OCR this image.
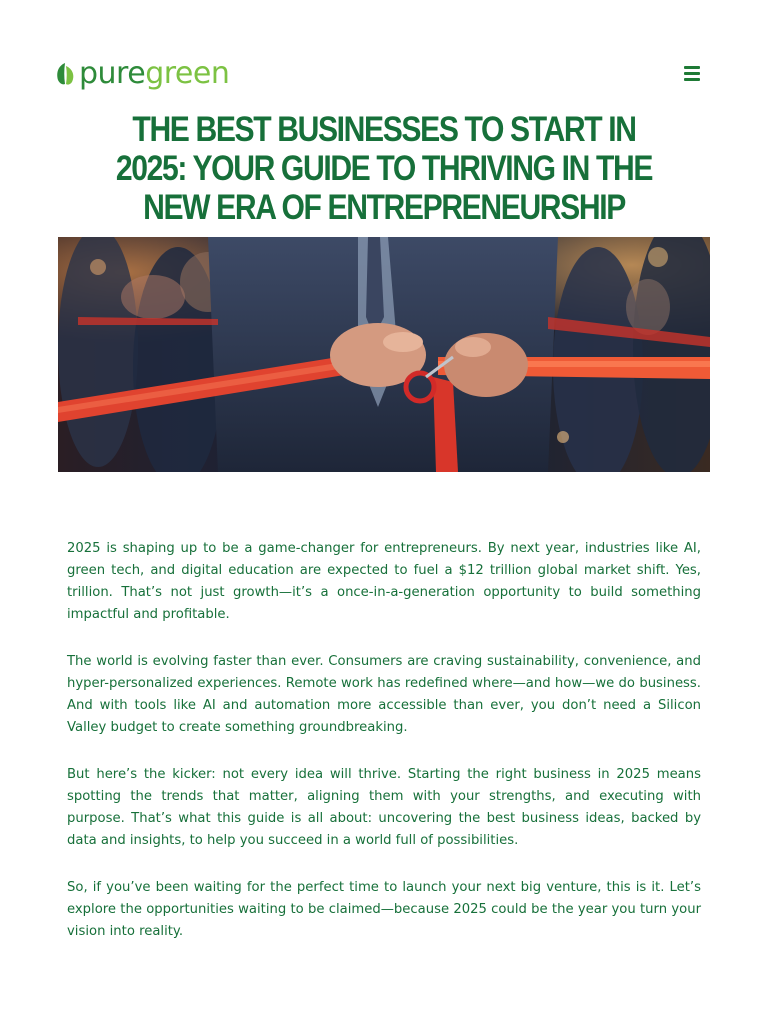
puregreen
THE BEST BUSINESSES TO START IN 2025: YOUR GUIDE TO THRIVING IN THE NEW ERA OF ENTREPRENEURSHIP

2025 is shaping up to be a game-changer for entrepreneurs. By next year, industries like AI, green tech, and digital education are expected to fuel a $12 trillion global market shift. Yes, trillion. That’s not just growth—it’s a once-in-a-generation opportunity to build something impactful and profitable.

The world is evolving faster than ever. Consumers are craving sustainability, convenience, and hyper-personalized experiences. Remote work has redefined where—and how—we do business. And with tools like AI and automation more accessible than ever, you don’t need a Silicon Valley budget to create something groundbreaking.

But here’s the kicker: not every idea will thrive. Starting the right business in 2025 means spotting the trends that matter, aligning them with your strengths, and executing with purpose. That’s what this guide is all about: uncovering the best business ideas, backed by data and insights, to help you succeed in a world full of possibilities.

So, if you’ve been waiting for the perfect time to launch your next big venture, this is it. Let’s explore the opportunities waiting to be claimed—because 2025 could be the year you turn your vision into reality.
